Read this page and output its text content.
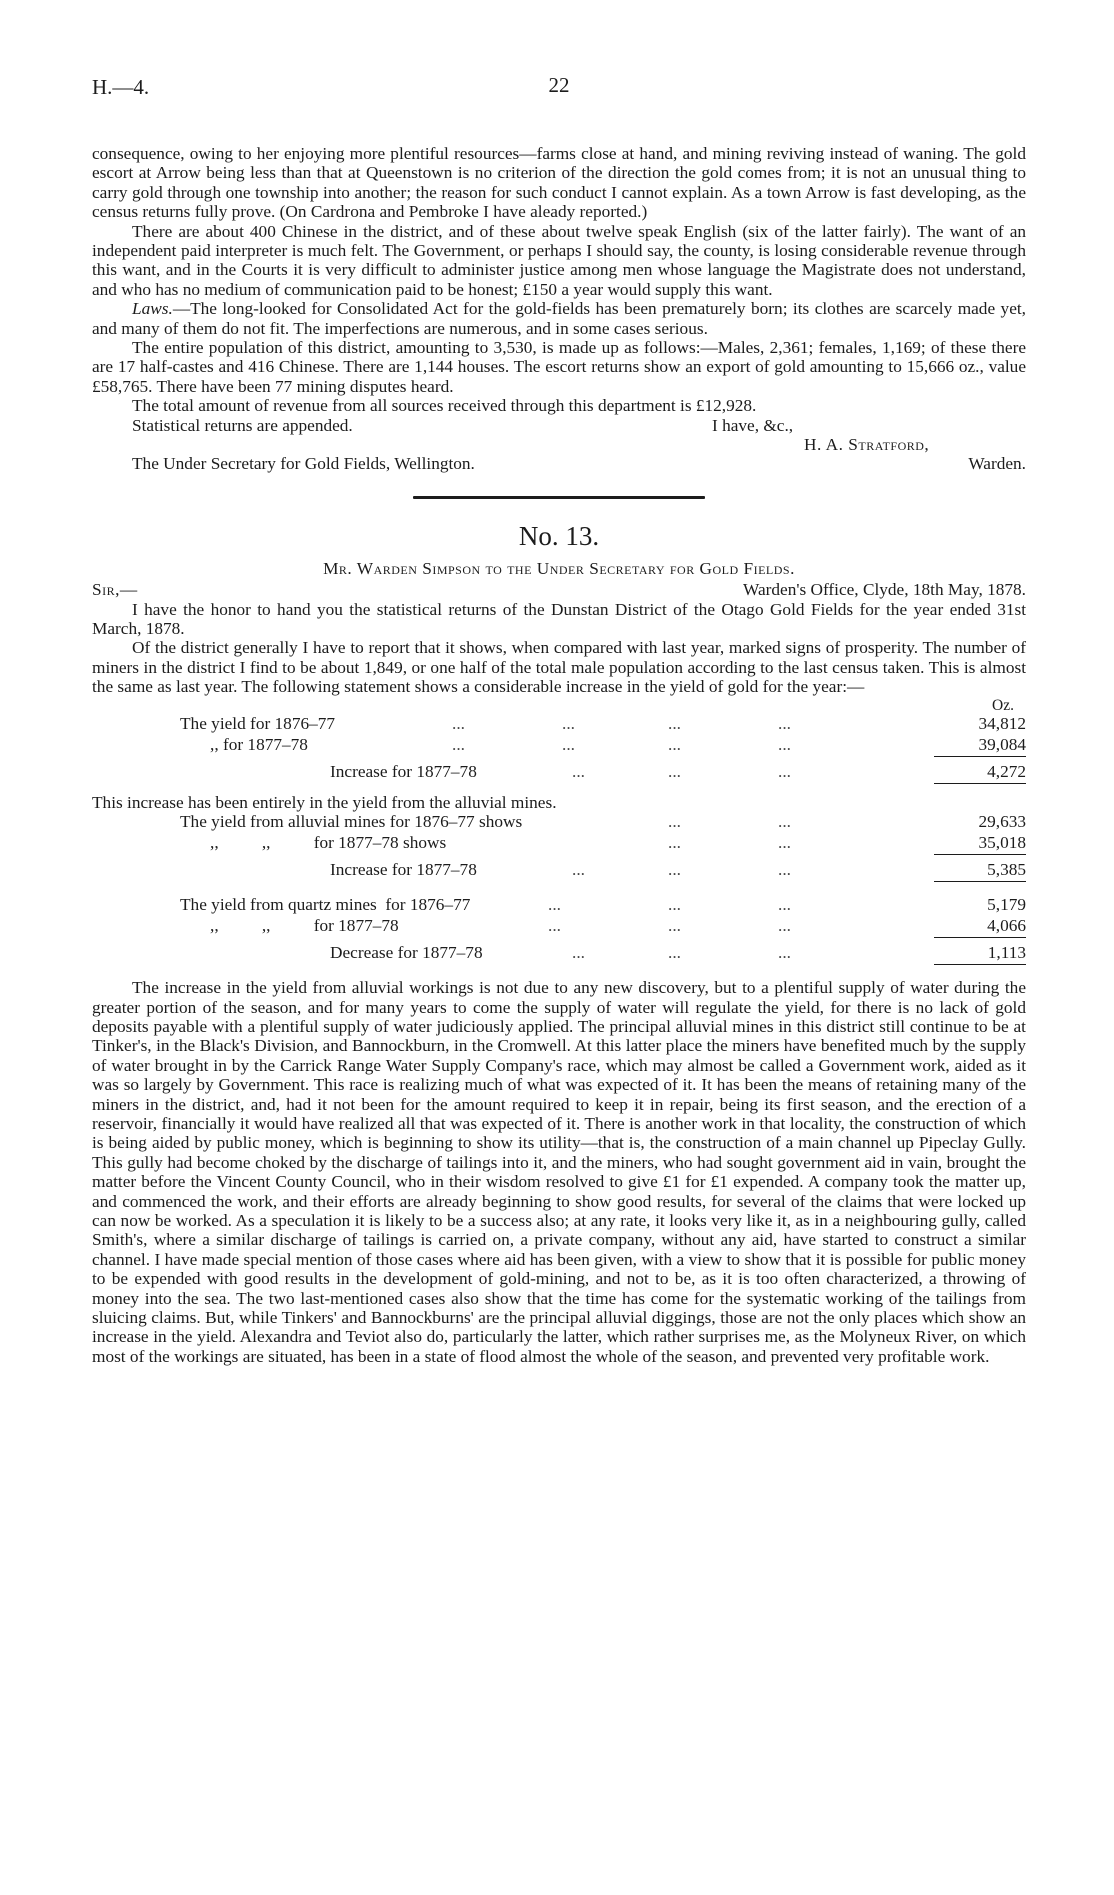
H.—4.	22

consequence, owing to her enjoying more plentiful resources—farms close at hand, and mining reviving instead of waning. The gold escort at Arrow being less than that at Queenstown is no criterion of the direction the gold comes from; it is not an unusual thing to carry gold through one township into another; the reason for such conduct I cannot explain. As a town Arrow is fast developing, as the census returns fully prove. (On Cardrona and Pembroke I have aleady reported.)

There are about 400 Chinese in the district, and of these about twelve speak English (six of the latter fairly). The want of an independent paid interpreter is much felt. The Government, or perhaps I should say, the county, is losing considerable revenue through this want, and in the Courts it is very difficult to administer justice among men whose language the Magistrate does not understand, and who has no medium of communication paid to be honest; £150 a year would supply this want.

Laws.—The long-looked for Consolidated Act for the gold-fields has been prematurely born; its clothes are scarcely made yet, and many of them do not fit. The imperfections are numerous, and in some cases serious.

The entire population of this district, amounting to 3,530, is made up as follows:—Males, 2,361; females, 1,169; of these there are 17 half-castes and 416 Chinese. There are 1,144 houses. The escort returns show an export of gold amounting to 15,666 oz., value £58,765. There have been 77 mining disputes heard.

The total amount of revenue from all sources received through this department is £12,928.

Statistical returns are appended.	I have, &c.,
H. A. Stratford,
The Under Secretary for Gold Fields, Wellington.	Warden.
No. 13.
Mr. Warden Simpson to the Under Secretary for Gold Fields.
Sir,—	Warden's Office, Clyde, 18th May, 1878.

I have the honor to hand you the statistical returns of the Dunstan District of the Otago Gold Fields for the year ended 31st March, 1878.

Of the district generally I have to report that it shows, when compared with last year, marked signs of prosperity. The number of miners in the district I find to be about 1,849, or one half of the total male population according to the last census taken. This is almost the same as last year. The following statement shows a considerable increase in the yield of gold for the year:—

Oz.
The yield for 1876–77	...	...	...	...	34,812
,, for 1877–78	...	...	...	...	39,084
Increase for 1877–78	...	...	...	4,272

This increase has been entirely in the yield from the alluvial mines.

The yield from alluvial mines for 1876–77 shows	...	...	29,633
,,          ,,          for 1877–78 shows	...	...	35,018
Increase for 1877–78	...	...	...	5,385
The yield from quartz mines  for 1876–77	...	...	...	5,179
,,          ,,          for 1877–78	...	...	...	4,066
Decrease for 1877–78	...	...	...	1,113

The increase in the yield from alluvial workings is not due to any new discovery, but to a plentiful supply of water during the greater portion of the season, and for many years to come the supply of water will regulate the yield, for there is no lack of gold deposits payable with a plentiful supply of water judiciously applied. The principal alluvial mines in this district still continue to be at Tinker's, in the Black's Division, and Bannockburn, in the Cromwell. At this latter place the miners have benefited much by the supply of water brought in by the Carrick Range Water Supply Company's race, which may almost be called a Government work, aided as it was so largely by Government. This race is realizing much of what was expected of it. It has been the means of retaining many of the miners in the district, and, had it not been for the amount required to keep it in repair, being its first season, and the erection of a reservoir, financially it would have realized all that was expected of it. There is another work in that locality, the construction of which is being aided by public money, which is beginning to show its utility—that is, the construction of a main channel up Pipeclay Gully. This gully had become choked by the discharge of tailings into it, and the miners, who had sought government aid in vain, brought the matter before the Vincent County Council, who in their wisdom resolved to give £1 for £1 expended. A company took the matter up, and commenced the work, and their efforts are already beginning to show good results, for several of the claims that were locked up can now be worked. As a speculation it is likely to be a success also; at any rate, it looks very like it, as in a neighbouring gully, called Smith's, where a similar discharge of tailings is carried on, a private company, without any aid, have started to construct a similar channel. I have made special mention of those cases where aid has been given, with a view to show that it is possible for public money to be expended with good results in the development of gold-mining, and not to be, as it is too often characterized, a throwing of money into the sea. The two last-mentioned cases also show that the time has come for the systematic working of the tailings from sluicing claims. But, while Tinkers' and Bannockburns' are the principal alluvial diggings, those are not the only places which show an increase in the yield. Alexandra and Teviot also do, particularly the latter, which rather surprises me, as the Molyneux River, on which most of the workings are situated, has been in a state of flood almost the whole of the season, and prevented very profitable work.
